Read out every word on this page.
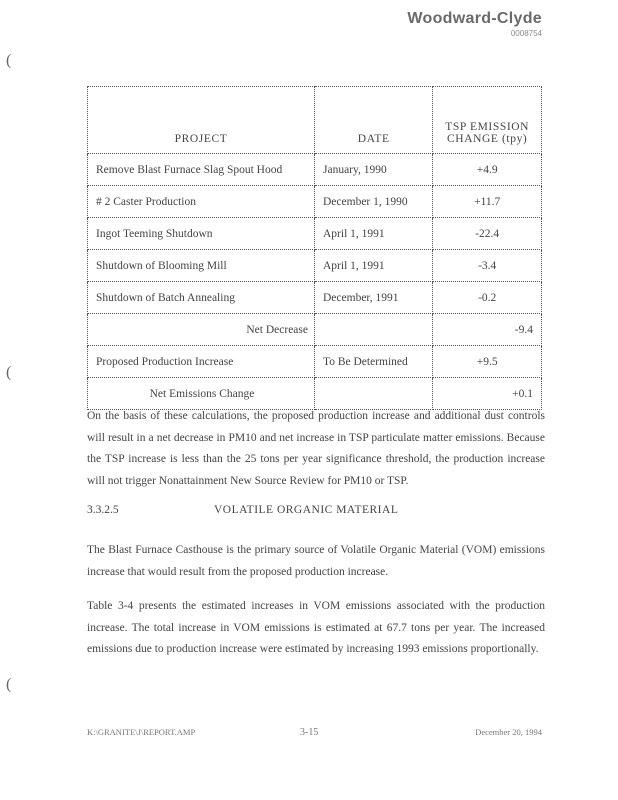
Woodward-Clyde
0008754
(
(
(
PROJECT	DATE	TSP EMISSION
CHANGE (tpy)
Remove Blast Furnace Slag Spout Hood	January, 1990	+4.9
# 2 Caster Production	December 1, 1990	+11.7
Ingot Teeming Shutdown	April 1, 1991	-22.4
Shutdown of Blooming Mill	April 1, 1991	-3.4
Shutdown of Batch Annealing	December, 1991	-0.2
Net Decrease		-9.4
Proposed Production Increase	To Be Determined	+9.5
Net Emissions Change		+0.1

On the basis of these calculations, the proposed production increase and additional dust controls will result in a net decrease in PM10 and net increase in TSP particulate matter emissions. Because the TSP increase is less than the 25 tons per year significance threshold, the production increase will not trigger Nonattainment New Source Review for PM10 or TSP.

3.3.2.5	VOLATILE ORGANIC MATERIAL

The Blast Furnace Casthouse is the primary source of Volatile Organic Material (VOM) emissions increase that would result from the proposed production increase.

Table 3-4 presents the estimated increases in VOM emissions associated with the production increase. The total increase in VOM emissions is estimated at 67.7 tons per year. The increased emissions due to production increase were estimated by increasing 1993 emissions proportionally.

K:\GRANITE\J\REPORT.AMP	3-15	December 20, 1994
